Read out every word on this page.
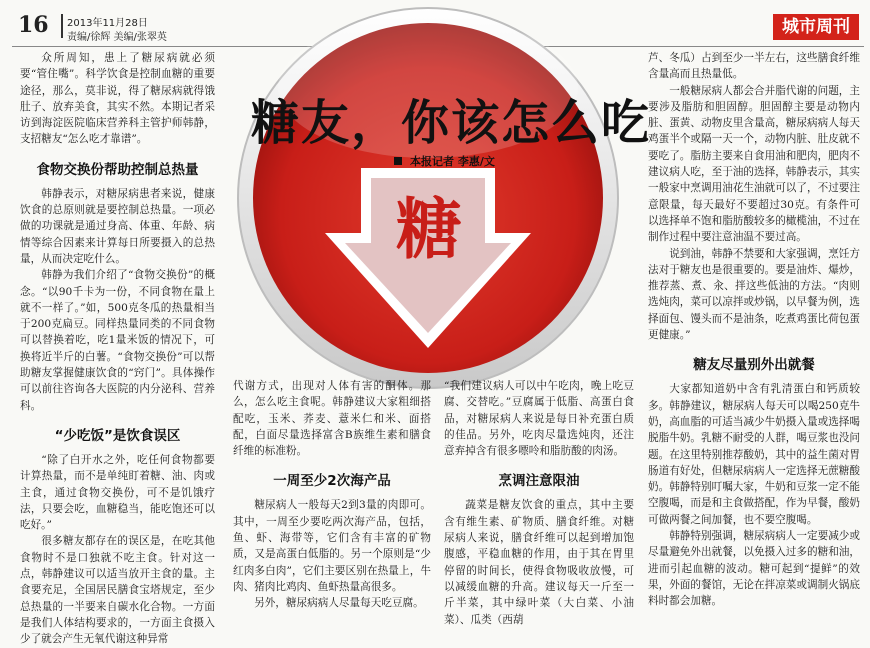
16 2013年11月28日
责编/徐辉 美编/张翠英
城市周刊
糖
糖友，你该怎么吃
本报记者 李惠/文

众所周知，患上了糖尿病就必须要“管住嘴”。科学饮食是控制血糖的重要途径，那么，莫非说，得了糖尿病就得饿肚子、放弃美食，其实不然。本期记者采访到海淀医院临床营养科主管护师韩静，支招糖友“怎么吃才靠谱”。

食物交换份帮助控制总热量

韩静表示，对糖尿病患者来说，健康饮食的总原则就是要控制总热量。一项必做的功课就是通过身高、体重、年龄、病情等综合因素来计算每日所要摄入的总热量，从而决定吃什么。

韩静为我们介绍了“食物交换份”的概念。“以90千卡为一份，不同食物在量上就不一样了。”如，500克冬瓜的热量相当于200克扁豆。同样热量同类的不同食物可以替换着吃，吃1量米饭的情况下，可换将近半斤的白薯。“食物交换份”可以帮助糖友掌握健康饮食的“窍门”。具体操作可以前往咨询各大医院的内分泌科、营养科。

“少吃饭”是饮食误区

“除了白开水之外，吃任何食物都要计算热量，而不是单纯盯着糖、油、肉或主食，通过食物交换份，可不是饥饿疗法，只要会吃，血糖稳当，能吃饱还可以吃好。”

很多糖友都存在的误区是，在吃其他食物时不是口独就不吃主食。针对这一点，韩静建议可以适当放开主食的量。主食要充足，全国居民膳食宝塔规定，至少总热量的一半要来自碳水化合物。一方面是我们人体结构要求的，一方面主食摄入少了就会产生无氧代谢这种异常

代谢方式，出现对人体有害的酮体。那么，怎么吃主食呢。韩静建议大家粗细搭配吃，玉米、荞麦、薏米仁和米、面搭配，白面尽量选择富含B族维生素和膳食纤维的标准粉。

一周至少2次海产品

糖尿病人一般每天2到3量的肉即可。其中，一周至少要吃两次海产品，包括，鱼、虾、海带等，它们含有丰富的矿物质，又是高蛋白低脂的。另一个原则是“少红肉多白肉”，它们主要区别在热量上，牛肉、猪肉比鸡肉、鱼虾热量高很多。

另外，糖尿病病人尽量每天吃豆腐。

“我们建议病人可以中午吃肉，晚上吃豆腐、交替吃。”豆腐属于低脂、高蛋白食品，对糖尿病人来说是每日补充蛋白质的佳品。另外，吃肉尽量选炖肉，还注意弃掉含有很多嘌呤和脂肪酸的肉汤。

烹调注意限油

蔬菜是糖友饮食的重点，其中主要含有维生素、矿物质、膳食纤维。对糖尿病人来说，膳食纤维可以起到增加饱腹感，平稳血糖的作用，由于其在胃里停留的时间长，使得食物吸收放慢，可以减缓血糖的升高。建议每天一斤至一斤半菜，其中绿叶菜（大白菜、小油菜）、瓜类（西葫

芦、冬瓜）占到至少一半左右，这些膳食纤维含量高而且热量低。

一般糖尿病人都会合并脂代谢的问题，主要涉及脂肪和胆固醇。胆固醇主要是动物内脏、蛋黄、动物皮里含量高，糖尿病病人每天鸡蛋半个或隔一天一个，动物内脏、肚皮就不要吃了。脂肪主要来自食用油和肥肉，肥肉不建议病人吃，至于油的选择，韩静表示，其实一般家中烹调用油花生油就可以了，不过要注意限量，每天最好不要超过30克。有条件可以选择单不饱和脂肪酸较多的橄榄油，不过在制作过程中要注意油温不要过高。

说到油，韩静不禁要和大家强调，烹饪方法对于糖友也是很重要的。要是油炸、爆炒，推荐蒸、煮、汆、拌这些低油的方法。“肉则选炖肉，菜可以凉拌或炒锅，以早餐为例，选择面包、馒头而不是油条，吃煮鸡蛋比荷包蛋更健康。”

糖友尽量别外出就餐

大家都知道奶中含有乳清蛋白和钙质较多。韩静建议，糖尿病人每天可以喝250克牛奶，高血脂的可适当减少牛奶摄入量或选择喝脱脂牛奶。乳糖不耐受的人群，喝豆浆也没问题。在这里特别推荐酸奶，其中的益生菌对胃肠道有好处，但糖尿病病人一定选择无蔗糖酸奶。韩静特别叮嘱大家，牛奶和豆浆一定不能空腹喝，而是和主食做搭配，作为早餐，酸奶可做两餐之间加餐，也不要空腹喝。

韩静特别强调，糖尿病病人一定要减少或尽量避免外出就餐，以免摄入过多的糖和油，进而引起血糖的波动。糖可起到“提鲜”的效果，外面的餐馆，无论在拌凉菜或调制火锅底料时都会加糖。
